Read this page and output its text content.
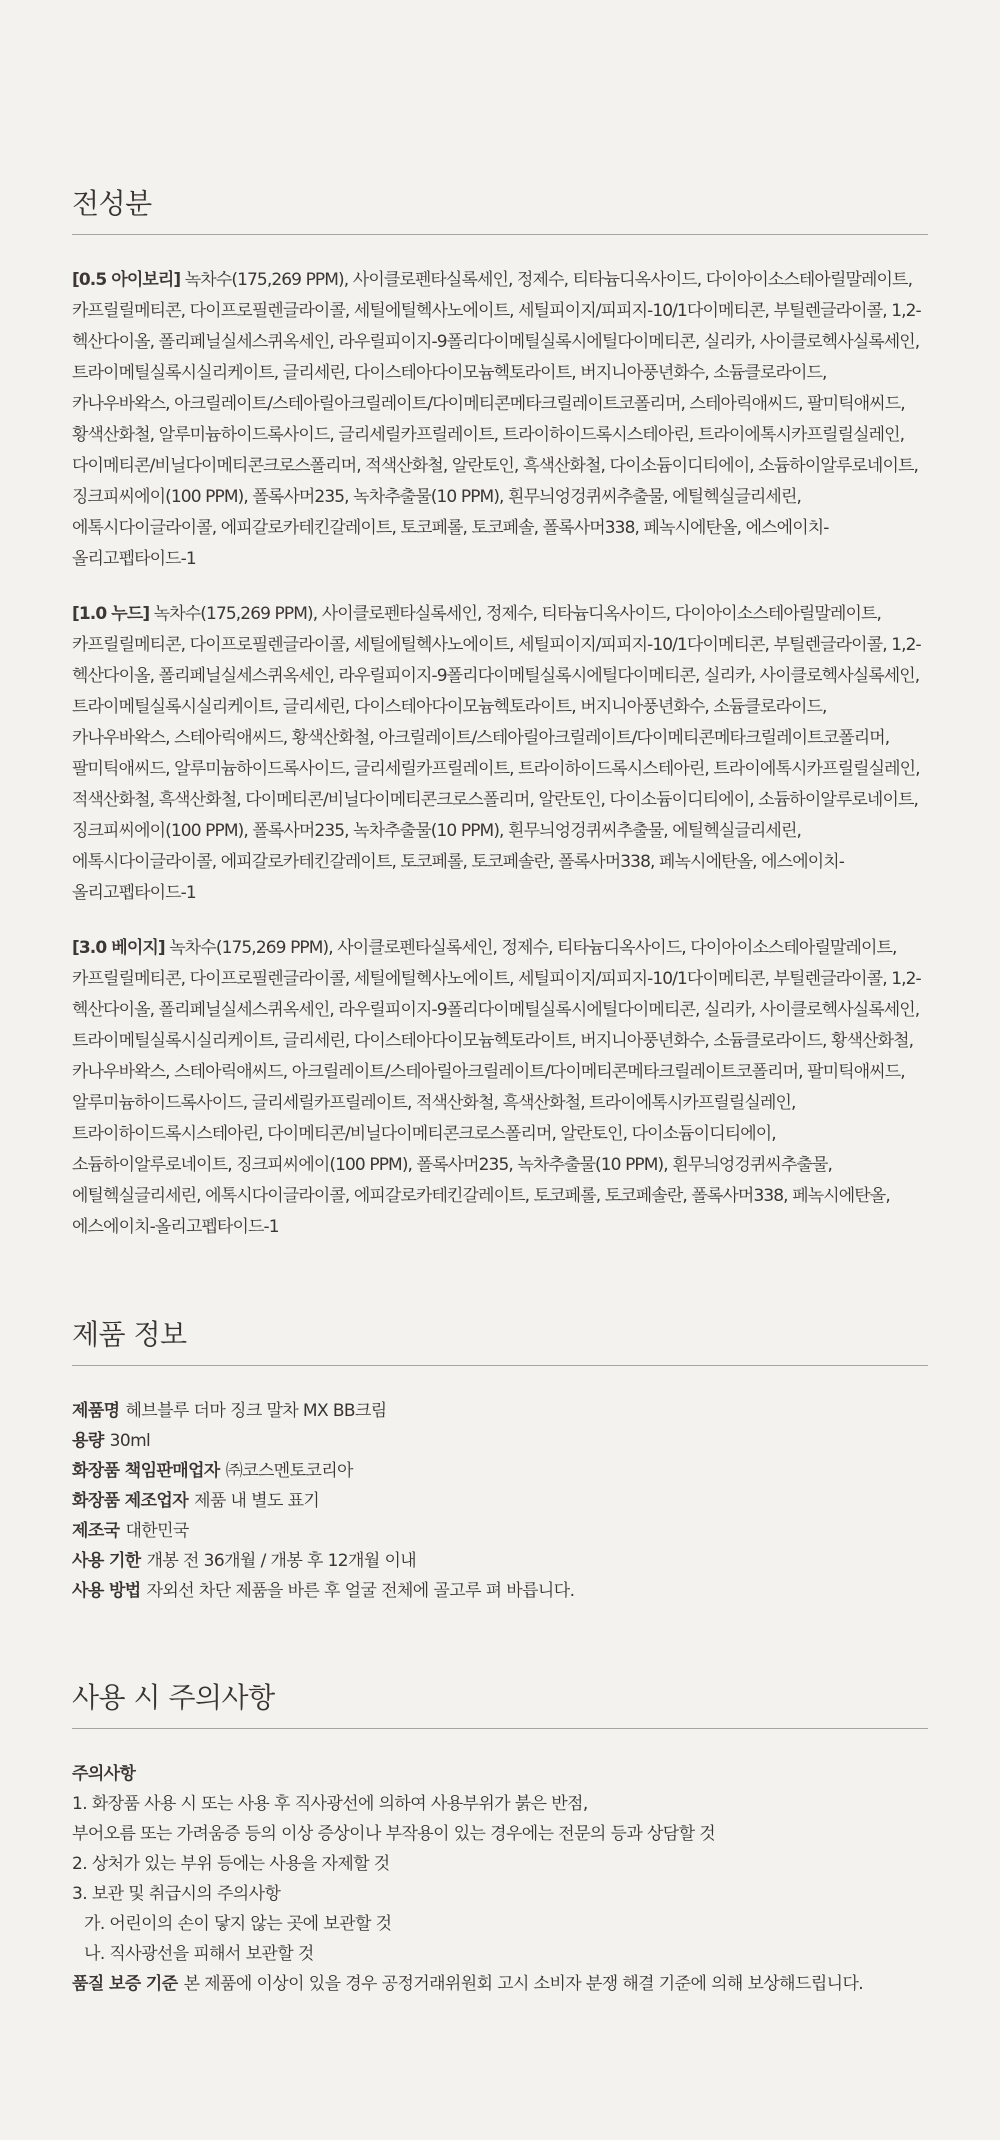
전성분

[0.5 아이보리] 녹차수(175,269 PPM), 사이클로펜타실록세인, 정제수, 티타늄디옥사이드, 다이아이소스테아릴말레이트, 카프릴릴메티콘, 다이프로필렌글라이콜, 세틸에틸헥사노에이트, 세틸피이지/피피지-10/1다이메티콘, 부틸렌글라이콜, 1,2-헥산다이올, 폴리페닐실세스퀴옥세인, 라우릴피이지-9폴리다이메틸실록시에틸다이메티콘, 실리카, 사이클로헥사실록세인, 트라이메틸실록시실리케이트, 글리세린, 다이스테아다이모늄헥토라이트, 버지니아풍년화수, 소듐클로라이드, 카나우바왁스, 아크릴레이트/스테아릴아크릴레이트/다이메티콘메타크릴레이트코폴리머, 스테아릭애씨드, 팔미틱애씨드, 황색산화철, 알루미늄하이드록사이드, 글리세릴카프릴레이트, 트라이하이드록시스테아린, 트라이에톡시카프릴릴실레인, 다이메티콘/비닐다이메티콘크로스폴리머, 적색산화철, 알란토인, 흑색산화철, 다이소듐이디티에이, 소듐하이알루로네이트, 징크피씨에이(100 PPM), 폴록사머235, 녹차추출물(10 PPM), 흰무늬엉겅퀴씨추출물, 에틸헥실글리세린, 에톡시다이글라이콜, 에피갈로카테킨갈레이트, 토코페롤, 토코페솔, 폴록사머338, 페녹시에탄올, 에스에이치-올리고펩타이드-1

[1.0 누드] 녹차수(175,269 PPM), 사이클로펜타실록세인, 정제수, 티타늄디옥사이드, 다이아이소스테아릴말레이트, 카프릴릴메티콘, 다이프로필렌글라이콜, 세틸에틸헥사노에이트, 세틸피이지/피피지-10/1다이메티콘, 부틸렌글라이콜, 1,2-헥산다이올, 폴리페닐실세스퀴옥세인, 라우릴피이지-9폴리다이메틸실록시에틸다이메티콘, 실리카, 사이클로헥사실록세인, 트라이메틸실록시실리케이트, 글리세린, 다이스테아다이모늄헥토라이트, 버지니아풍년화수, 소듐클로라이드, 카나우바왁스, 스테아릭애씨드, 황색산화철, 아크릴레이트/스테아릴아크릴레이트/다이메티콘메타크릴레이트코폴리머, 팔미틱애씨드, 알루미늄하이드록사이드, 글리세릴카프릴레이트, 트라이하이드록시스테아린, 트라이에톡시카프릴릴실레인, 적색산화철, 흑색산화철, 다이메티콘/비닐다이메티콘크로스폴리머, 알란토인, 다이소듐이디티에이, 소듐하이알루로네이트, 징크피씨에이(100 PPM), 폴록사머235, 녹차추출물(10 PPM), 흰무늬엉겅퀴씨추출물, 에틸헥실글리세린, 에톡시다이글라이콜, 에피갈로카테킨갈레이트, 토코페롤, 토코페솔란, 폴록사머338, 페녹시에탄올, 에스에이치-올리고펩타이드-1

[3.0 베이지] 녹차수(175,269 PPM), 사이클로펜타실록세인, 정제수, 티타늄디옥사이드, 다이아이소스테아릴말레이트, 카프릴릴메티콘, 다이프로필렌글라이콜, 세틸에틸헥사노에이트, 세틸피이지/피피지-10/1다이메티콘, 부틸렌글라이콜, 1,2-헥산다이올, 폴리페닐실세스퀴옥세인, 라우릴피이지-9폴리다이메틸실록시에틸다이메티콘, 실리카, 사이클로헥사실록세인, 트라이메틸실록시실리케이트, 글리세린, 다이스테아다이모늄헥토라이트, 버지니아풍년화수, 소듐클로라이드, 황색산화철, 카나우바왁스, 스테아릭애씨드, 아크릴레이트/스테아릴아크릴레이트/다이메티콘메타크릴레이트코폴리머, 팔미틱애씨드, 알루미늄하이드록사이드, 글리세릴카프릴레이트, 적색산화철, 흑색산화철, 트라이에톡시카프릴릴실레인, 트라이하이드록시스테아린, 다이메티콘/비닐다이메티콘크로스폴리머, 알란토인, 다이소듐이디티에이, 소듐하이알루로네이트, 징크피씨에이(100 PPM), 폴록사머235, 녹차추출물(10 PPM), 흰무늬엉겅퀴씨추출물, 에틸헥실글리세린, 에톡시다이글라이콜, 에피갈로카테킨갈레이트, 토코페롤, 토코페솔란, 폴록사머338, 페녹시에탄올, 에스에이치-올리고펩타이드-1

제품 정보
제품명 헤브블루 더마 징크 말차 MX BB크림
용량 30ml
화장품 책임판매업자 ㈜코스멘토코리아
화장품 제조업자 제품 내 별도 표기
제조국 대한민국
사용 기한 개봉 전 36개월 / 개봉 후 12개월 이내
사용 방법 자외선 차단 제품을 바른 후 얼굴 전체에 골고루 펴 바릅니다.
사용 시 주의사항
주의사항
1. 화장품 사용 시 또는 사용 후 직사광선에 의하여 사용부위가 붉은 반점,
부어오름 또는 가려움증 등의 이상 증상이나 부작용이 있는 경우에는 전문의 등과 상담할 것
2. 상처가 있는 부위 등에는 사용을 자제할 것
3. 보관 및 취급시의 주의사항
가. 어린이의 손이 닿지 않는 곳에 보관할 것
나. 직사광선을 피해서 보관할 것
품질 보증 기준 본 제품에 이상이 있을 경우 공정거래위원회 고시 소비자 분쟁 해결 기준에 의해 보상해드립니다.
